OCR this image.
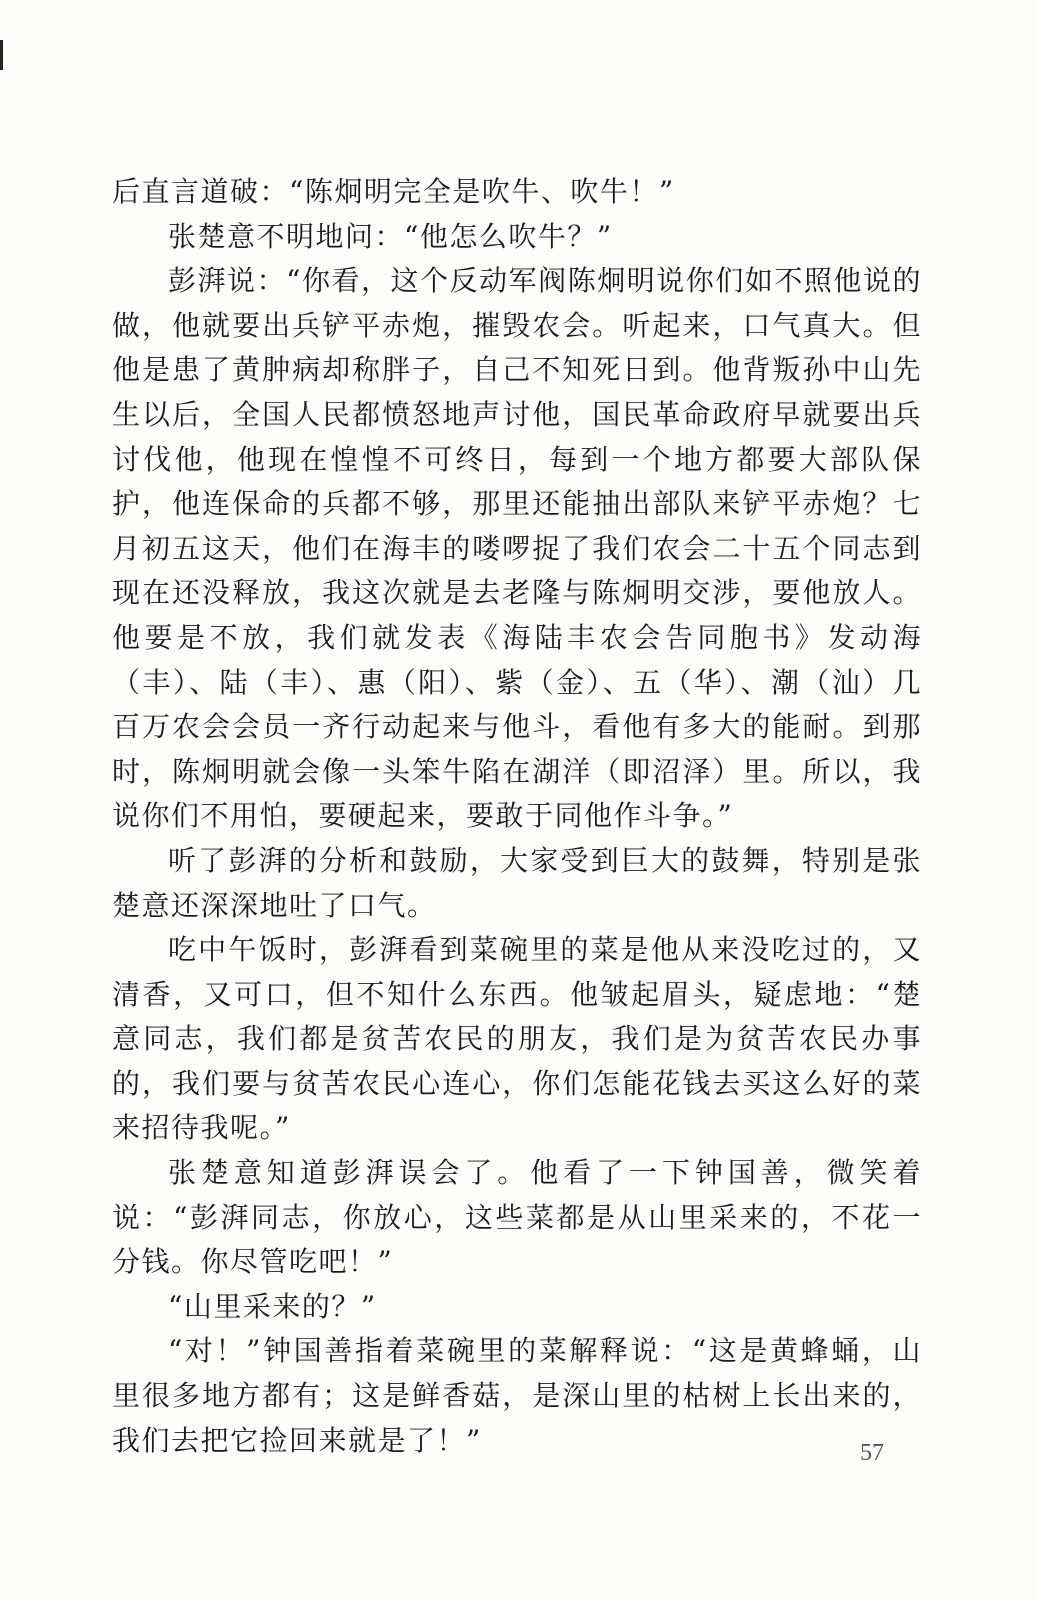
后直言道破：“陈炯明完全是吹牛、吹牛！”

张楚意不明地问：“他怎么吹牛？”

彭湃说：“你看，这个反动军阀陈炯明说你们如不照他说的做，他就要出兵铲平赤炮，摧毁农会。听起来，口气真大。但他是患了黄肿病却称胖子，自己不知死日到。他背叛孙中山先生以后，全国人民都愤怒地声讨他，国民革命政府早就要出兵讨伐他，他现在惶惶不可终日，每到一个地方都要大部队保护，他连保命的兵都不够，那里还能抽出部队来铲平赤炮？七月初五这天，他们在海丰的喽啰捉了我们农会二十五个同志到现在还没释放，我这次就是去老隆与陈炯明交涉，要他放人。他要是不放，我们就发表《海陆丰农会告同胞书》发动海（丰）、陆（丰）、惠（阳）、紫（金）、五（华）、潮（汕）几百万农会会员一齐行动起来与他斗，看他有多大的能耐。到那时，陈炯明就会像一头笨牛陷在湖洋（即沼泽）里。所以，我说你们不用怕，要硬起来，要敢于同他作斗争。”

听了彭湃的分析和鼓励，大家受到巨大的鼓舞，特别是张楚意还深深地吐了口气。

吃中午饭时，彭湃看到菜碗里的菜是他从来没吃过的，又清香，又可口，但不知什么东西。他皱起眉头，疑虑地：“楚意同志，我们都是贫苦农民的朋友，我们是为贫苦农民办事的，我们要与贫苦农民心连心，你们怎能花钱去买这么好的菜来招待我呢。”

张楚意知道彭湃误会了。他看了一下钟国善，微笑着说：“彭湃同志，你放心，这些菜都是从山里采来的，不花一分钱。你尽管吃吧！”

“山里采来的？”

“对！”钟国善指着菜碗里的菜解释说：“这是黄蜂蛹，山里很多地方都有；这是鲜香菇，是深山里的枯树上长出来的，我们去把它捡回来就是了！”	57
